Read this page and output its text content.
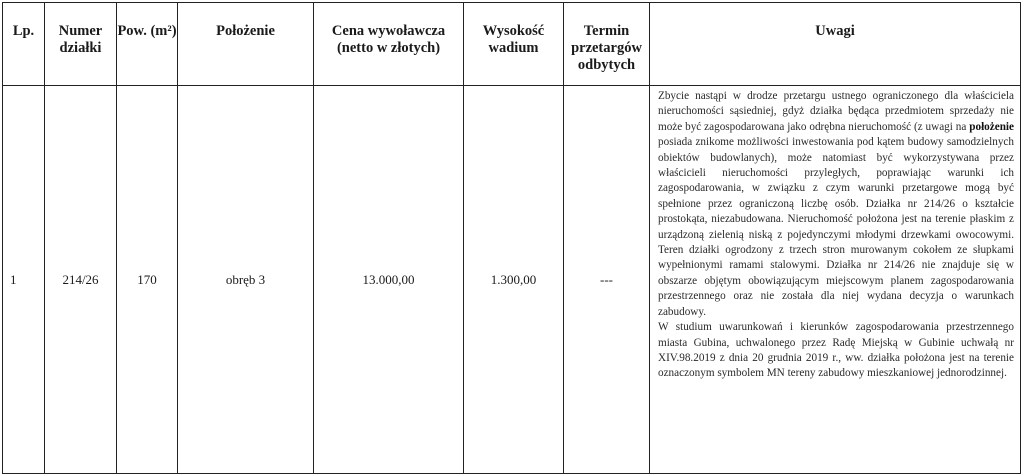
Lp.	Numer działki	Pow. (m²)	Położenie	Cena wywoławcza (netto w złotych)	Wysokość wadium	Termin przetargów odbytych	Uwagi
1	214/26	170	obręb 3	13.000,00	1.300,00	---	Zbycie nastąpi w drodze przetargu ustnego ograniczonego dla właściciela nieruchomości sąsiedniej, gdyż działka będąca przedmiotem sprzedaży nie może być zagospodarowana jako odrębna nieruchomość (z uwagi na położenie posiada znikome możliwości inwestowania pod kątem budowy samodzielnych obiektów budowlanych), może natomiast być wykorzystywana przez właścicieli nieruchomości przyległych, poprawiając warunki ich zagospodarowania, w związku z czym warunki przetargowe mogą być spełnione przez ograniczoną liczbę osób. Działka nr 214/26 o kształcie prostokąta, niezabudowana. Nieruchomość położona jest na terenie płaskim z urządzoną zielenią niską z pojedynczymi młodymi drzewkami owocowymi. Teren działki ogrodzony z trzech stron murowanym cokołem ze słupkami wypełnionymi ramami stalowymi. Działka nr 214/26 nie znajduje się w obszarze objętym obowiązującym miejscowym planem zagospodarowania przestrzennego oraz nie została dla niej wydana decyzja o warunkach zabudowy.
W studium uwarunkowań i kierunków zagospodarowania przestrzennego miasta Gubina, uchwalonego przez Radę Miejską w Gubinie uchwałą nr XIV.98.2019 z dnia 20 grudnia 2019 r., ww. działka położona jest na terenie oznaczonym symbolem MN tereny zabudowy mieszkaniowej jednorodzinnej.
